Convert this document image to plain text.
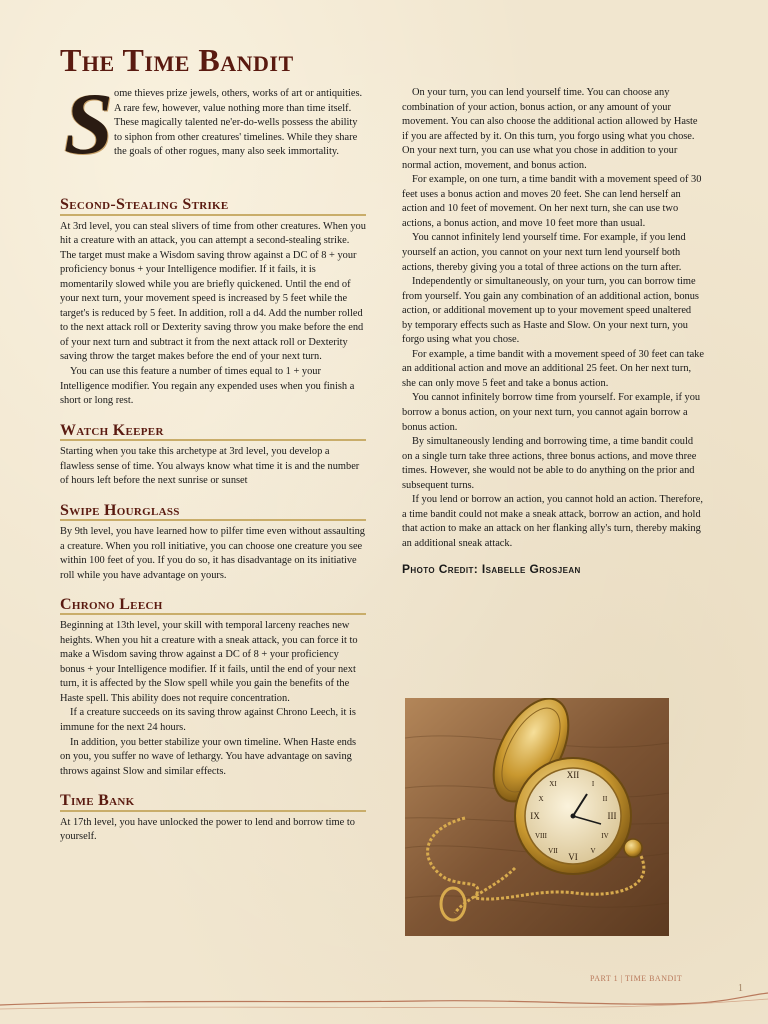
The Time Bandit
S ome thieves prize jewels, others, works of art or antiquities. A rare few, however, value nothing more than time itself. These magically talented ne'er-do-wells possess the ability to siphon from other creatures' timelines. While they share the goals of other rogues, many also seek immortality.

Second-Stealing Strike

At 3rd level, you can steal slivers of time from other creatures. When you hit a creature with an attack, you can attempt a second-stealing strike. The target must make a Wisdom saving throw against a DC of 8 + your proficiency bonus + your Intelligence modifier. If it fails, it is momentarily slowed while you are briefly quickened. Until the end of your next turn, your movement speed is increased by 5 feet while the target's is reduced by 5 feet. In addition, roll a d4. Add the number rolled to the next attack roll or Dexterity saving throw you make before the end of your next turn and subtract it from the next attack roll or Dexterity saving throw the target makes before the end of your next turn.

You can use this feature a number of times equal to 1 + your Intelligence modifier. You regain any expended uses when you finish a short or long rest.

Watch Keeper

Starting when you take this archetype at 3rd level, you develop a flawless sense of time. You always know what time it is and the number of hours left before the next sunrise or sunset

Swipe Hourglass

By 9th level, you have learned how to pilfer time even without assaulting a creature. When you roll initiative, you can choose one creature you see within 100 feet of you. If you do so, it has disadvantage on its initiative roll while you have advantage on yours.

Chrono Leech

Beginning at 13th level, your skill with temporal larceny reaches new heights. When you hit a creature with a sneak attack, you can force it to make a Wisdom saving throw against a DC of 8 + your proficiency bonus + your Intelligence modifier. If it fails, until the end of your next turn, it is affected by the Slow spell while you gain the benefits of the Haste spell. This ability does not require concentration.

If a creature succeeds on its saving throw against Chrono Leech, it is immune for the next 24 hours.

In addition, you better stabilize your own timeline. When Haste ends on you, you suffer no wave of lethargy. You have advantage on saving throws against Slow and similar effects.

Time Bank

At 17th level, you have unlocked the power to lend and borrow time to yourself.

On your turn, you can lend yourself time. You can choose any combination of your action, bonus action, or any amount of your movement. You can also choose the additional action allowed by Haste if you are affected by it. On this turn, you forgo using what you chose. On your next turn, you can use what you chose in addition to your normal action, movement, and bonus action.

For example, on one turn, a time bandit with a movement speed of 30 feet uses a bonus action and moves 20 feet. She can lend herself an action and 10 feet of movement. On her next turn, she can use two actions, a bonus action, and move 10 feet more than usual.

You cannot infinitely lend yourself time. For example, if you lend yourself an action, you cannot on your next turn lend yourself both actions, thereby giving you a total of three actions on the turn after.

Independently or simultaneously, on your turn, you can borrow time from yourself. You gain any combination of an additional action, bonus action, or additional movement up to your movement speed unaltered by temporary effects such as Haste and Slow. On your next turn, you forgo using what you chose.

For example, a time bandit with a movement speed of 30 feet can take an additional action and move an additional 25 feet. On her next turn, she can only move 5 feet and take a bonus action.

You cannot infinitely borrow time from yourself. For example, if you borrow a bonus action, on your next turn, you cannot again borrow a bonus action.

By simultaneously lending and borrowing time, a time bandit could on a single turn take three actions, three bonus actions, and move three times. However, she would not be able to do anything on the prior and subsequent turns.

If you lend or borrow an action, you cannot hold an action. Therefore, a time bandit could not make a sneak attack, borrow an action, and hold that action to make an attack on her flanking ally's turn, thereby making an additional sneak attack.

Photo Credit: Isabelle Grosjean
XII
III
VI
IX
I
II
IV
V
VII
VIII
X
XI
PART 1 | TIME BANDIT
1
